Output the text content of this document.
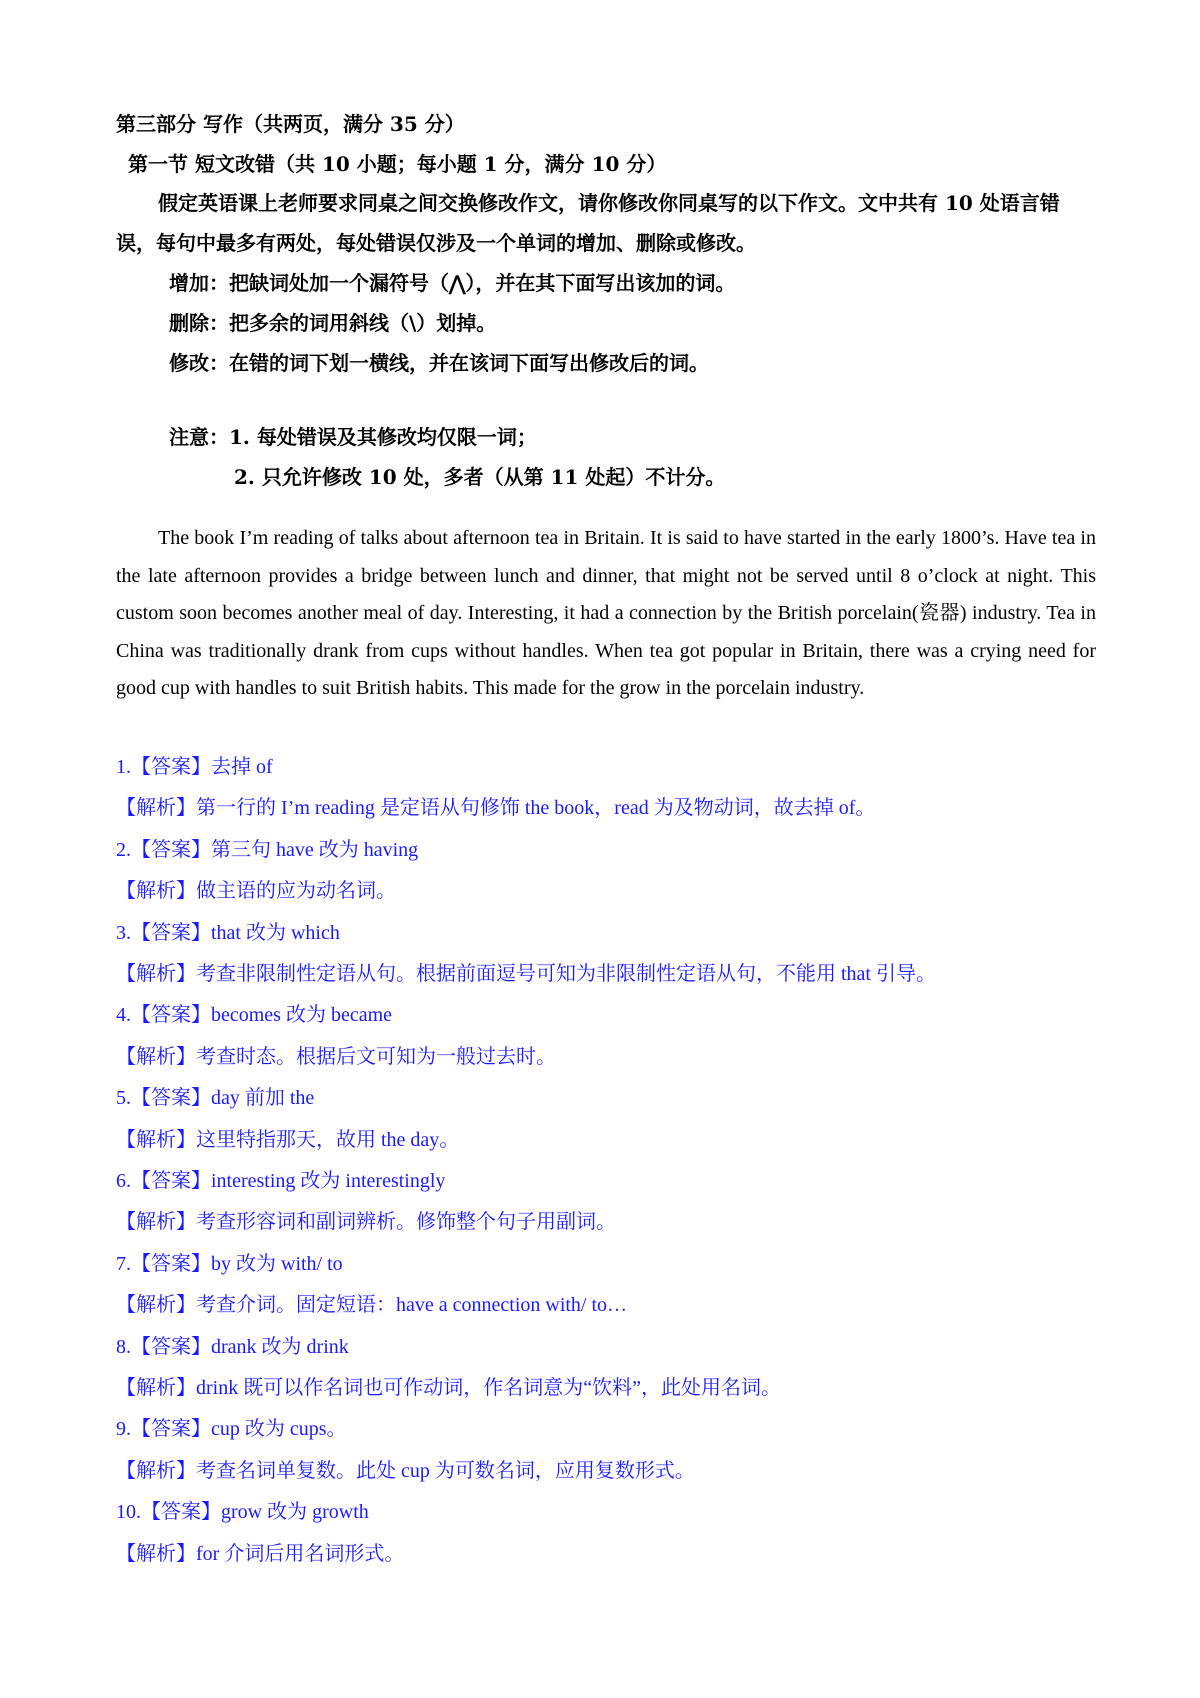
第三部分 写作（共两页，满分 35 分）
第一节 短文改错（共 10 小题；每小题 1 分，满分 10 分）
假定英语课上老师要求同桌之间交换修改作文，请你修改你同桌写的以下作文。文中共有 10 处语言错
误，每句中最多有两处，每处错误仅涉及一个单词的增加、删除或修改。
增加：把缺词处加一个漏符号（⋀），并在其下面写出该加的词。
删除：把多余的词用斜线（\）划掉。
修改：在错的词下划一横线，并在该词下面写出修改后的词。
注意：1. 每处错误及其修改均仅限一词；
2. 只允许修改 10 处，多者（从第 11 处起）不计分。

The book I’m reading of talks about afternoon tea in Britain. It is said to have started in the early 1800’s. Have tea in the late afternoon provides a bridge between lunch and dinner, that might not be served until 8 o’clock at night. This custom soon becomes another meal of day. Interesting, it had a connection by the British porcelain(瓷器) industry. Tea in China was traditionally drank from cups without handles. When tea got popular in Britain, there was a crying need for good cup with handles to suit British habits. This made for the grow in the porcelain industry.

1.【答案】去掉 of
【解析】第一行的 I’m reading 是定语从句修饰 the book，read 为及物动词，故去掉 of。
2.【答案】第三句 have 改为 having
【解析】做主语的应为动名词。
3.【答案】that 改为 which
【解析】考查非限制性定语从句。根据前面逗号可知为非限制性定语从句，不能用 that 引导。
4.【答案】becomes 改为 became
【解析】考查时态。根据后文可知为一般过去时。
5.【答案】day 前加 the
【解析】这里特指那天，故用 the day。
6.【答案】interesting 改为 interestingly
【解析】考查形容词和副词辨析。修饰整个句子用副词。
7.【答案】by 改为 with/ to
【解析】考查介词。固定短语：have a connection with/ to…
8.【答案】drank 改为 drink
【解析】drink 既可以作名词也可作动词，作名词意为“饮料”，此处用名词。
9.【答案】cup 改为 cups。
【解析】考查名词单复数。此处 cup 为可数名词，应用复数形式。
10.【答案】grow 改为 growth
【解析】for 介词后用名词形式。
